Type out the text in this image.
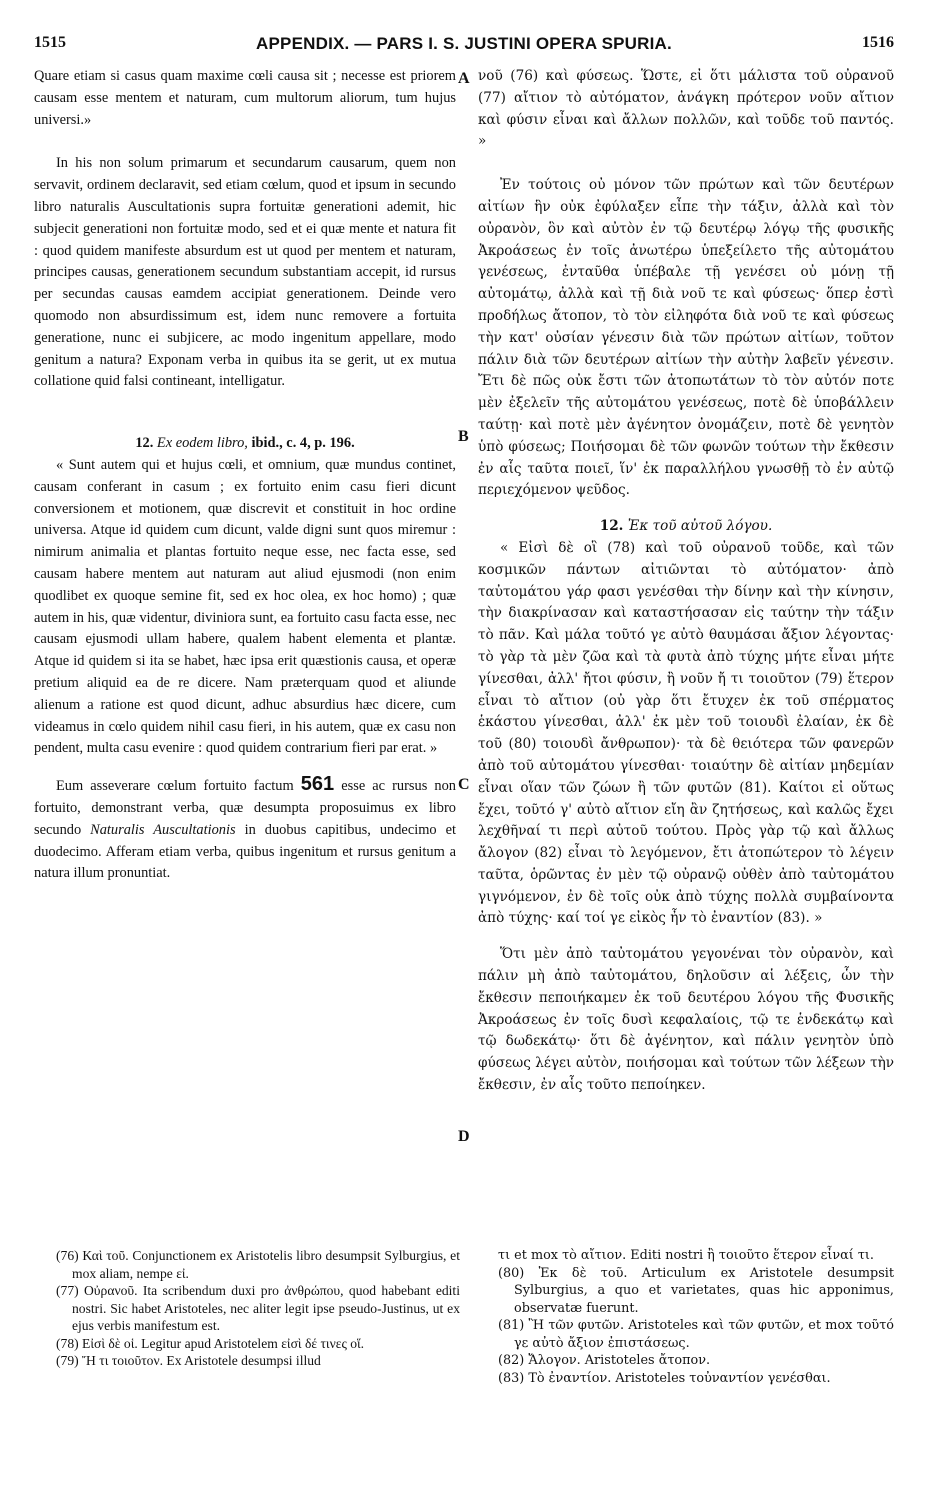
1515	APPENDIX. — PARS I. S. JUSTINI OPERA SPURIA.	1516
A
B
C
D

Quare etiam si casus quam maxime cœli causa sit ; necesse est priorem causam esse mentem et naturam, cum multorum aliorum, tum hujus universi.»

In his non solum primarum et secundarum causarum, quem non servavit, ordinem declaravit, sed etiam cœlum, quod et ipsum in secundo libro naturalis Auscultationis supra fortuitæ generationi ademit, hic subjecit generationi non fortuitæ modo, sed et ei quæ mente et natura fit : quod quidem manifeste absurdum est ut quod per mentem et naturam, principes causas, generationem secundum substantiam accepit, id rursus per secundas causas eamdem accipiat generationem. Deinde vero quomodo non absurdissimum est, idem nunc removere a fortuita generatione, nunc ei subjicere, ac modo ingenitum appellare, modo genitum a natura? Exponam verba in quibus ita se gerit, ut ex mutua collatione quid falsi contineant, intelligatur.

12. Ex eodem libro, ibid., c. 4, p. 196.

« Sunt autem qui et hujus cœli, et omnium, quæ mundus continet, causam conferant in casum ; ex fortuito enim casu fieri dicunt conversionem et motionem, quæ discrevit et constituit in hoc ordine universa. Atque id quidem cum dicunt, valde digni sunt quos miremur : nimirum animalia et plantas fortuito neque esse, nec facta esse, sed causam habere mentem aut naturam aut aliud ejusmodi (non enim quodlibet ex quoque semine fit, sed ex hoc olea, ex hoc homo) ; quæ autem in his, quæ videntur, diviniora sunt, ea fortuito casu facta esse, nec causam ejusmodi ullam habere, qualem habent elementa et plantæ. Atque id quidem si ita se habet, hæc ipsa erit quæstionis causa, et operæ pretium aliquid ea de re dicere. Nam præterquam quod et aliunde alienum a ratione est quod dicunt, adhuc absurdius hæc dicere, cum videamus in cœlo quidem nihil casu fieri, in his autem, quæ ex casu non pendent, multa casu evenire : quod quidem contrarium fieri par erat. »

Eum asseverare cœlum fortuito factum 561 esse ac rursus non fortuito, demonstrant verba, quæ desumpta proposuimus ex libro secundo Naturalis Auscultationis in duobus capitibus, undecimo et duodecimo. Afferam etiam verba, quibus ingenitum et rursus genitum a natura illum pronuntiat.

νοῦ (76) καὶ φύσεως. Ὥστε, εἰ ὅτι μάλιστα τοῦ οὐρανοῦ (77) αἴτιον τὸ αὐτόματον, ἀνάγκη πρότερον νοῦν αἴτιον καὶ φύσιν εἶναι καὶ ἄλλων πολλῶν, καὶ τοῦδε τοῦ παντός. »

Ἐν τούτοις οὐ μόνον τῶν πρώτων καὶ τῶν δευτέρων αἰτίων ἣν οὐκ ἐφύλαξεν εἶπε τὴν τάξιν, ἀλλὰ καὶ τὸν οὐρανὸν, ὃν καὶ αὐτὸν ἐν τῷ δευτέρῳ λόγῳ τῆς φυσικῆς Ἀκροάσεως ἐν τοῖς ἀνωτέρω ὑπεξείλετο τῆς αὐτομάτου γενέσεως, ἐνταῦθα ὑπέβαλε τῇ γενέσει οὐ μόνῃ τῇ αὐτομάτῳ, ἀλλὰ καὶ τῇ διὰ νοῦ τε καὶ φύσεως· ὅπερ ἐστὶ προδήλως ἄτοπον, τὸ τὸν εἰληφότα διὰ νοῦ τε καὶ φύσεως τὴν κατ' οὐσίαν γένεσιν διὰ τῶν πρώτων αἰτίων, τοῦτον πάλιν διὰ τῶν δευτέρων αἰτίων τὴν αὐτὴν λαβεῖν γένεσιν. Ἔτι δὲ πῶς οὐκ ἔστι τῶν ἀτοπωτάτων τὸ τὸν αὐτόν ποτε μὲν ἐξελεῖν τῆς αὐτομάτου γενέσεως, ποτὲ δὲ ὑποβάλλειν ταύτῃ· καὶ ποτὲ μὲν ἀγένητον ὀνομάζειν, ποτὲ δὲ γενητὸν ὑπὸ φύσεως; Ποιήσομαι δὲ τῶν φωνῶν τούτων τὴν ἔκθεσιν ἐν αἷς ταῦτα ποιεῖ, ἵν' ἐκ παραλλήλου γνωσθῇ τὸ ἐν αὐτῷ περιεχόμενον ψεῦδος.

12. Ἐκ τοῦ αὐτοῦ λόγου.

« Εἰσὶ δὲ οἳ (78) καὶ τοῦ οὐρανοῦ τοῦδε, καὶ τῶν κοσμικῶν πάντων αἰτιῶνται τὸ αὐτόματον· ἀπὸ ταὐτομάτου γάρ φασι γενέσθαι τὴν δίνην καὶ τὴν κίνησιν, τὴν διακρίνασαν καὶ καταστήσασαν εἰς ταύτην τὴν τάξιν τὸ πᾶν. Καὶ μάλα τοῦτό γε αὐτὸ θαυμάσαι ἄξιον λέγοντας· τὸ γὰρ τὰ μὲν ζῶα καὶ τὰ φυτὰ ἀπὸ τύχης μήτε εἶναι μήτε γίνεσθαι, ἀλλ' ἤτοι φύσιν, ἢ νοῦν ἤ τι τοιοῦτον (79) ἕτερον εἶναι τὸ αἴτιον (οὐ γὰρ ὅτι ἔτυχεν ἐκ τοῦ σπέρματος ἑκάστου γίνεσθαι, ἀλλ' ἐκ μὲν τοῦ τοιουδὶ ἐλαίαν, ἐκ δὲ τοῦ (80) τοιουδὶ ἄνθρωπον)· τὰ δὲ θειότερα τῶν φανερῶν ἀπὸ τοῦ αὐτομάτου γίνεσθαι· τοιαύτην δὲ αἰτίαν μηδεμίαν εἶναι οἵαν τῶν ζώων ἢ τῶν φυτῶν (81). Καίτοι εἰ οὕτως ἔχει, τοῦτό γ' αὐτὸ αἴτιον εἴη ἂν ζητήσεως, καὶ καλῶς ἔχει λεχθῆναί τι περὶ αὐτοῦ τούτου. Πρὸς γὰρ τῷ καὶ ἄλλως ἄλογον (82) εἶναι τὸ λεγόμενον, ἔτι ἀτοπώτερον τὸ λέγειν ταῦτα, ὁρῶντας ἐν μὲν τῷ οὐρανῷ οὐθὲν ἀπὸ ταὐτομάτου γιγνόμενον, ἐν δὲ τοῖς οὐκ ἀπὸ τύχης πολλὰ συμβαίνοντα ἀπὸ τύχης· καί τοί γε εἰκὸς ἦν τὸ ἐναντίον (83). »

Ὅτι μὲν ἀπὸ ταὐτομάτου γεγονέναι τὸν οὐρανὸν, καὶ πάλιν μὴ ἀπὸ ταὐτομάτου, δηλοῦσιν αἱ λέξεις, ὧν τὴν ἔκθεσιν πεποιήκαμεν ἐκ τοῦ δευτέρου λόγου τῆς Φυσικῆς Ἀκροάσεως ἐν τοῖς δυσὶ κεφαλαίοις, τῷ τε ἑνδεκάτῳ καὶ τῷ δωδεκάτῳ· ὅτι δὲ ἀγένητον, καὶ πάλιν γενητὸν ὑπὸ φύσεως λέγει αὐτὸν, ποιήσομαι καὶ τούτων τῶν λέξεων τὴν ἔκθεσιν, ἐν αἷς τοῦτο πεποίηκεν.

(76) Καὶ τοῦ. Conjunctionem ex Aristotelis libro desumpsit Sylburgius, et mox aliam, nempe εἰ.

(77) Οὐρανοῦ. Ita scribendum duxi pro ἀνθρώπου, quod habebant editi nostri. Sic habet Aristoteles, nec aliter legit ipse pseudo-Justinus, ut ex ejus verbis manifestum est.

(78) Εἰσὶ δὲ οἱ. Legitur apud Aristotelem εἰσὶ δέ τινες οἵ.

(79) Ἤ τι τοιοῦτον. Ex Aristotele desumpsi illud

τι et mox τὸ αἴτιον. Editi nostri ἢ τοιοῦτο ἕτερον εἶναί τι.

(80) Ἐκ δὲ τοῦ. Articulum ex Aristotele desumpsit Sylburgius, a quo et varietates, quas hic apponimus, observatæ fuerunt.

(81) Ἢ τῶν φυτῶν. Aristoteles καὶ τῶν φυτῶν, et mox τοῦτό γε αὐτὸ ἄξιον ἐπιστάσεως.

(82) Ἄλογον. Aristoteles ἄτοπον.

(83) Τὸ ἐναντίον. Aristoteles τοὐναντίον γενέσθαι.
